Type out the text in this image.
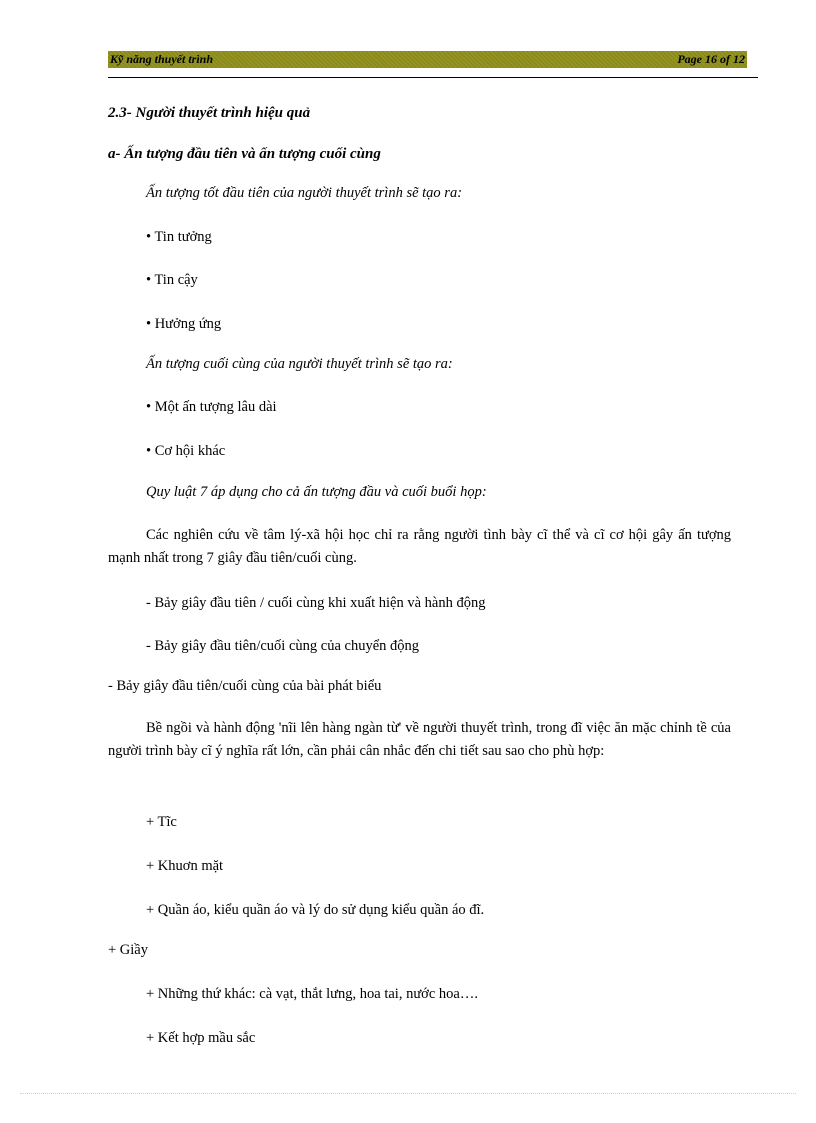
Kỹ năng thuyết trình	Page 16 of 12
2.3- Người thuyết trình hiệu quả
a- Ấn tượng đầu tiên và ấn tượng cuối cùng
Ấn tượng tốt đầu tiên của người thuyết trình sẽ tạo ra:
• Tin tưởng
• Tin cậy
• Hưởng ứng
Ấn tượng cuối cùng của người thuyết trình sẽ tạo ra:
• Một ấn tượng lâu dài
• Cơ hội khác
Quy luật 7 áp dụng cho cả ấn tượng đầu và cuối buổi họp:
Các nghiên cứu về tâm lý-xã hội học chỉ ra rằng người tình bày cĩ thể và cĩ cơ hội gây ấn tượng mạnh nhất trong 7 giây đầu tiên/cuối cùng.
- Bảy giây đầu tiên / cuối cùng khi xuất hiện và hành động
- Bảy giây đầu tiên/cuối cùng của chuyển động
- Bảy giây đầu tiên/cuối cùng của bài phát biểu
Bề ngồi và hành động 'nĩi lên hàng ngàn từ' về người thuyết trình, trong đĩ việc ăn mặc chỉnh tề của người trình bày cĩ ý nghĩa rất lớn, cần phải cân nhắc đến chi tiết sau sao cho phù hợp:
+ Tĩc
+ Khuơn mặt
+ Quần áo, kiểu quần áo và lý do sử dụng kiểu quần áo đĩ.
+ Giầy
+ Những thứ khác: cà vạt, thắt lưng, hoa tai, nước hoa….
+ Kết hợp mầu sắc
